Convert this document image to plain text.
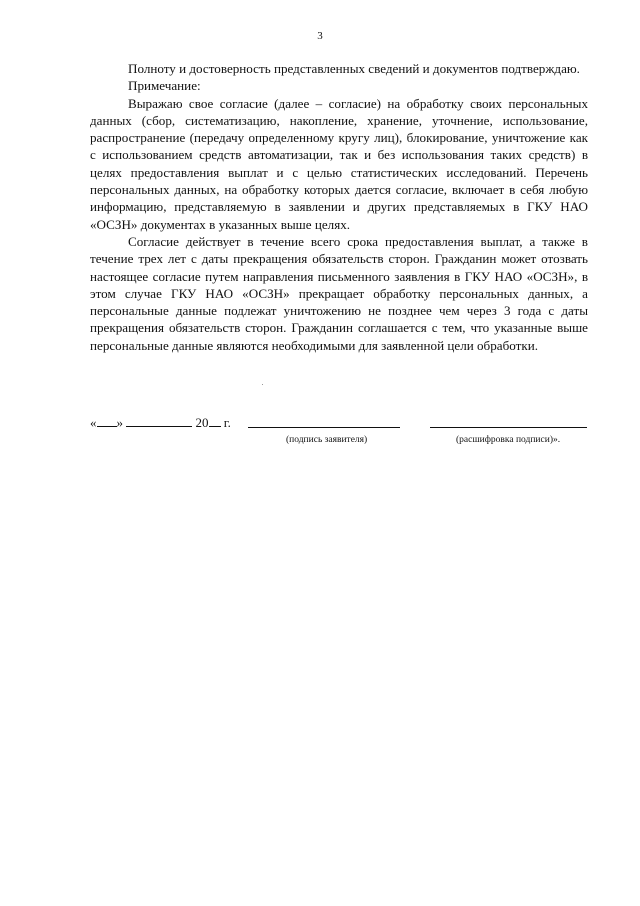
3

Полноту и достоверность представленных сведений и документов подтверждаю.

Примечание:

Выражаю свое согласие (далее – согласие) на обработку своих персональных данных (сбор, систематизацию, накопление, хранение, уточнение, использование, распространение (передачу определенному кругу лиц), блокирование, уничтожение как с использованием средств автоматизации, так и без использования таких средств) в целях предоставления выплат и с целью статистических исследований. Перечень персональных данных, на обработку которых дается согласие, включает в себя любую информацию, представляемую в заявлении и других представляемых в ГКУ НАО «ОСЗН» документах в указанных выше целях.

Согласие действует в течение всего срока предоставления выплат, а также в течение трех лет с даты прекращения обязательств сторон. Гражданин может отозвать настоящее согласие путем направления письменного заявления в ГКУ НАО «ОСЗН», в этом случае ГКУ НАО «ОСЗН» прекращает обработку персональных данных, а персональные данные подлежат уничтожению не позднее чем через 3 года с даты прекращения обязательств сторон. Гражданин соглашается с тем, что указанные выше персональные данные являются необходимыми для заявленной цели обработки.

« »	20 г.
(подпись заявителя)	(расшифровка подписи)».
